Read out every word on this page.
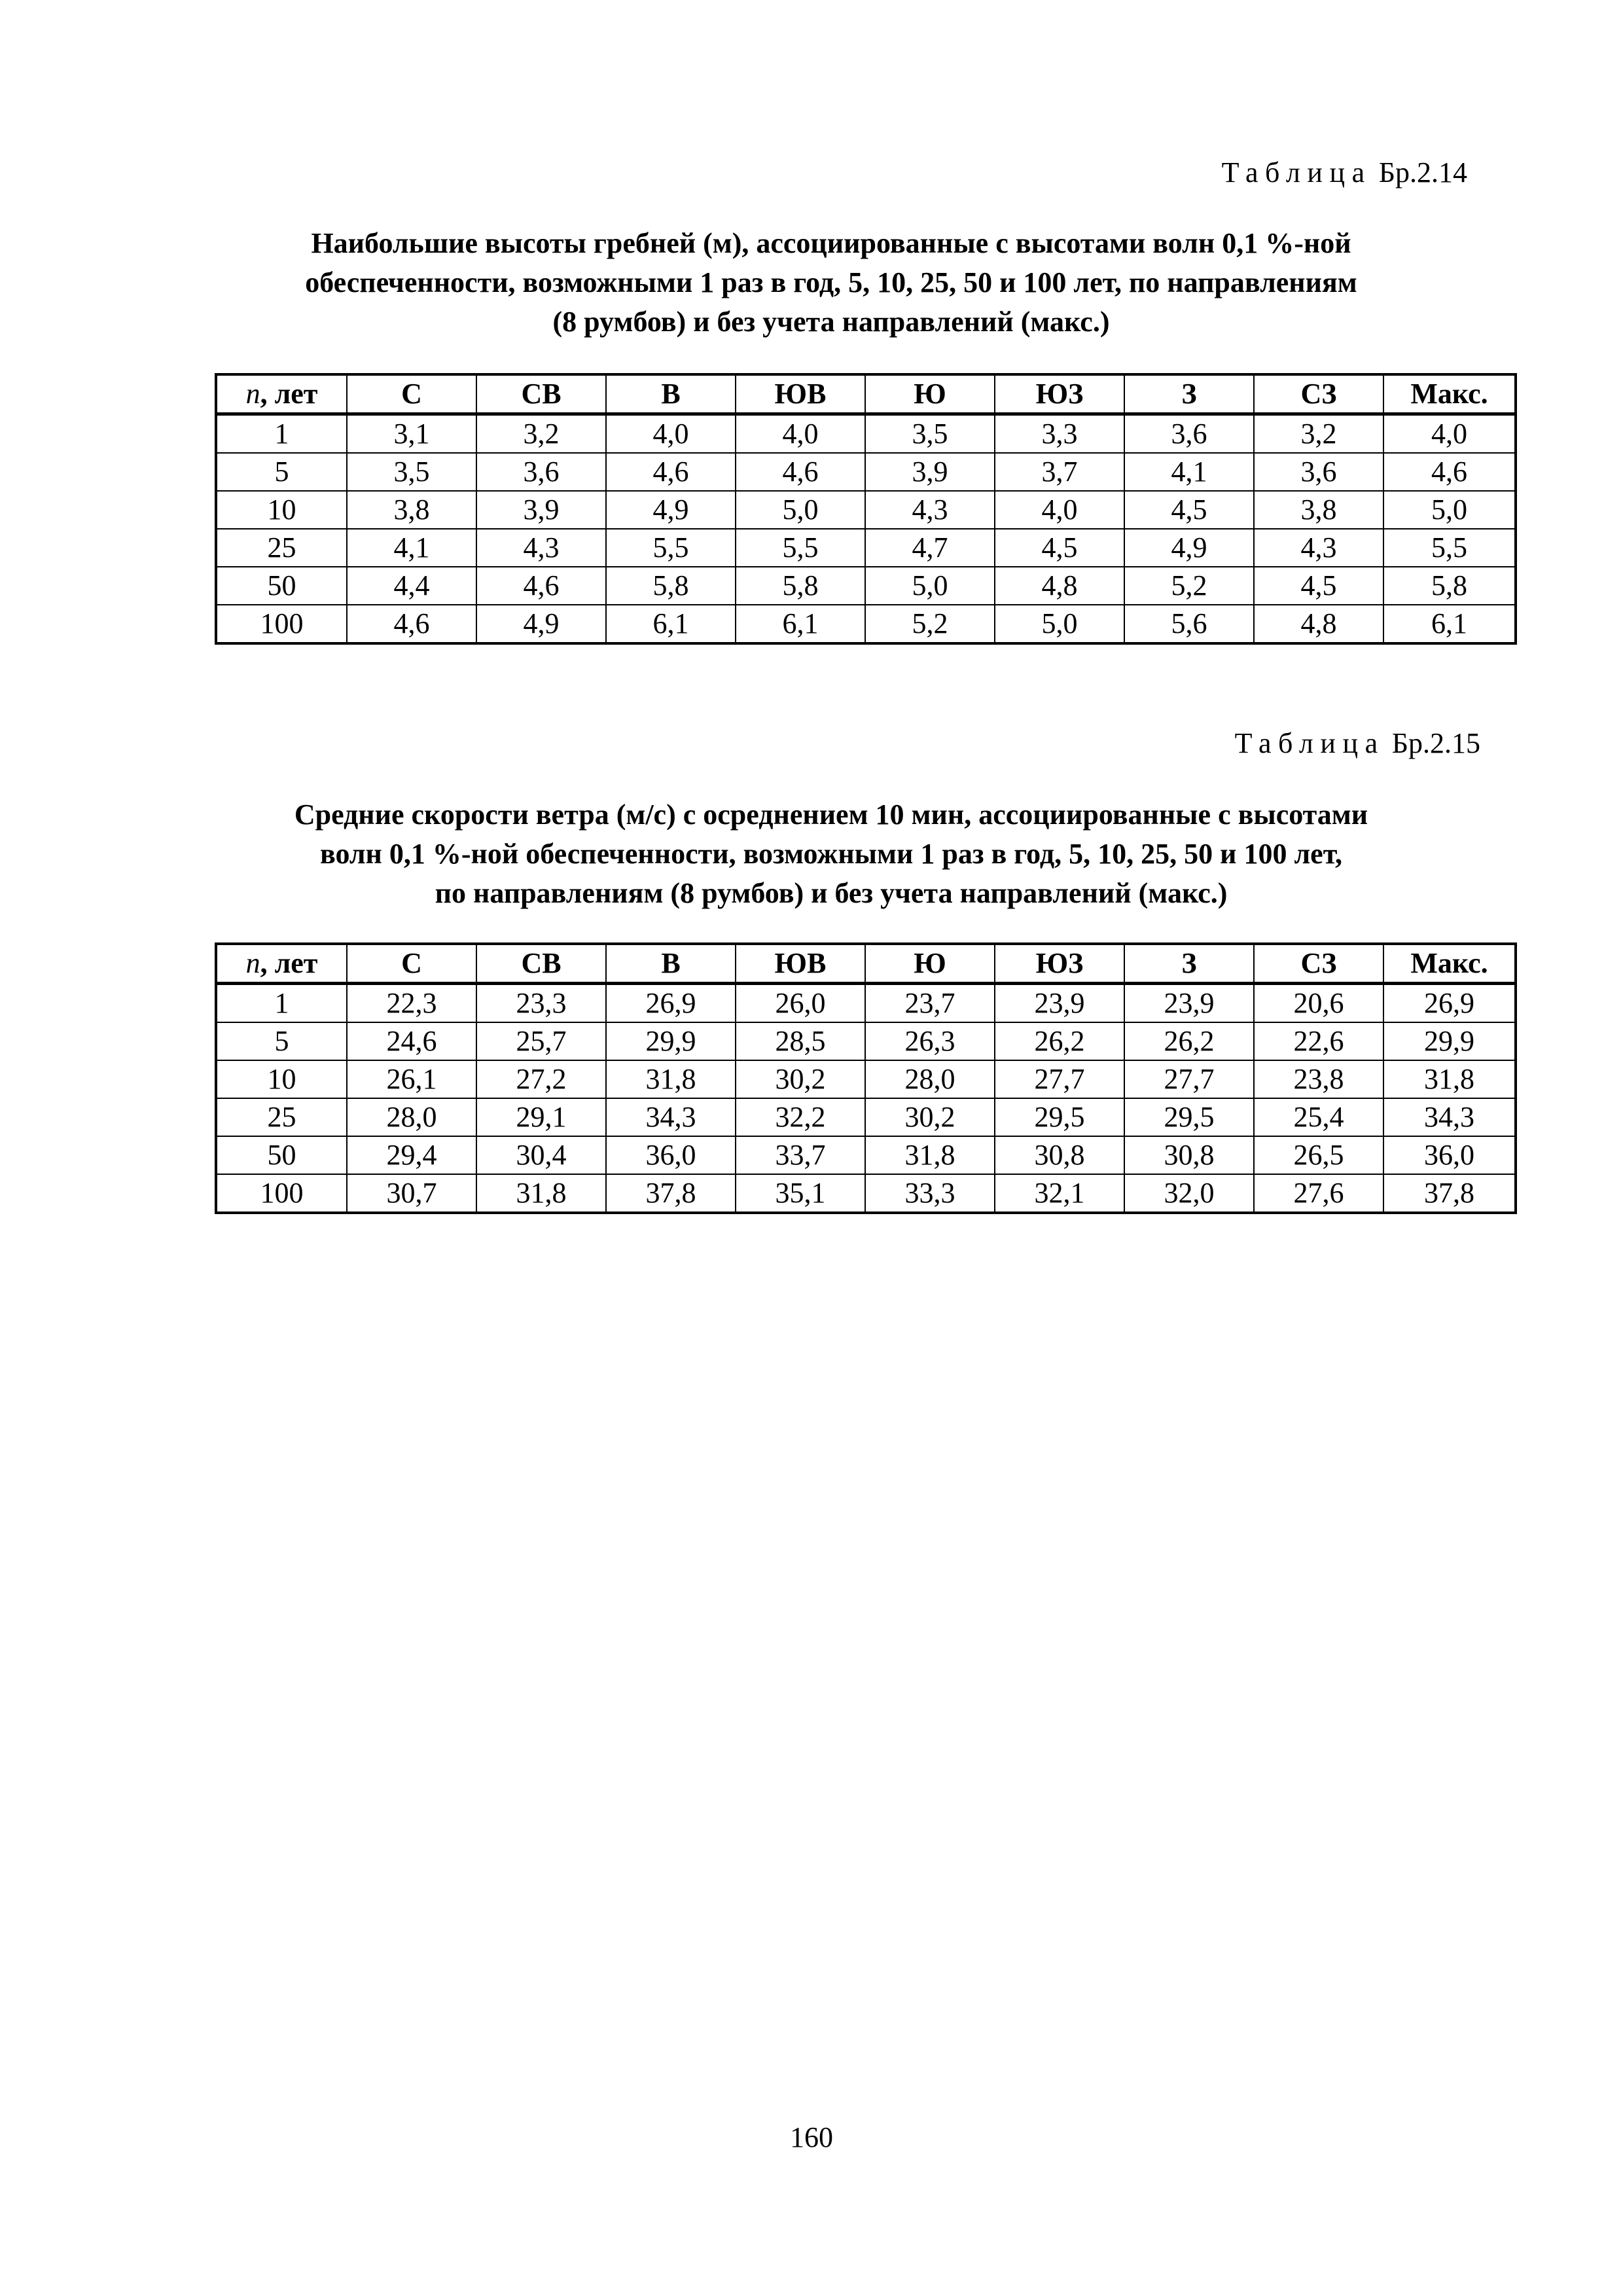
Таблица Бр.2.14
Наибольшие высоты гребней (м), ассоциированные с высотами волн 0,1 %-ной
обеспеченности, возможными 1 раз в год, 5, 10, 25, 50 и 100 лет, по направлениям
(8 румбов) и без учета направлений (макс.)
n, лет	С	СВ	В	ЮВ	Ю	ЮЗ	З	СЗ	Макс.
1	3,1	3,2	4,0	4,0	3,5	3,3	3,6	3,2	4,0
5	3,5	3,6	4,6	4,6	3,9	3,7	4,1	3,6	4,6
10	3,8	3,9	4,9	5,0	4,3	4,0	4,5	3,8	5,0
25	4,1	4,3	5,5	5,5	4,7	4,5	4,9	4,3	5,5
50	4,4	4,6	5,8	5,8	5,0	4,8	5,2	4,5	5,8
100	4,6	4,9	6,1	6,1	5,2	5,0	5,6	4,8	6,1
Таблица Бр.2.15
Средние скорости ветра (м/с) с осреднением 10 мин, ассоциированные с высотами
волн 0,1 %-ной обеспеченности, возможными 1 раз в год, 5, 10, 25, 50 и 100 лет,
по направлениям (8 румбов) и без учета направлений (макс.)
n, лет	С	СВ	В	ЮВ	Ю	ЮЗ	З	СЗ	Макс.
1	22,3	23,3	26,9	26,0	23,7	23,9	23,9	20,6	26,9
5	24,6	25,7	29,9	28,5	26,3	26,2	26,2	22,6	29,9
10	26,1	27,2	31,8	30,2	28,0	27,7	27,7	23,8	31,8
25	28,0	29,1	34,3	32,2	30,2	29,5	29,5	25,4	34,3
50	29,4	30,4	36,0	33,7	31,8	30,8	30,8	26,5	36,0
100	30,7	31,8	37,8	35,1	33,3	32,1	32,0	27,6	37,8
160
